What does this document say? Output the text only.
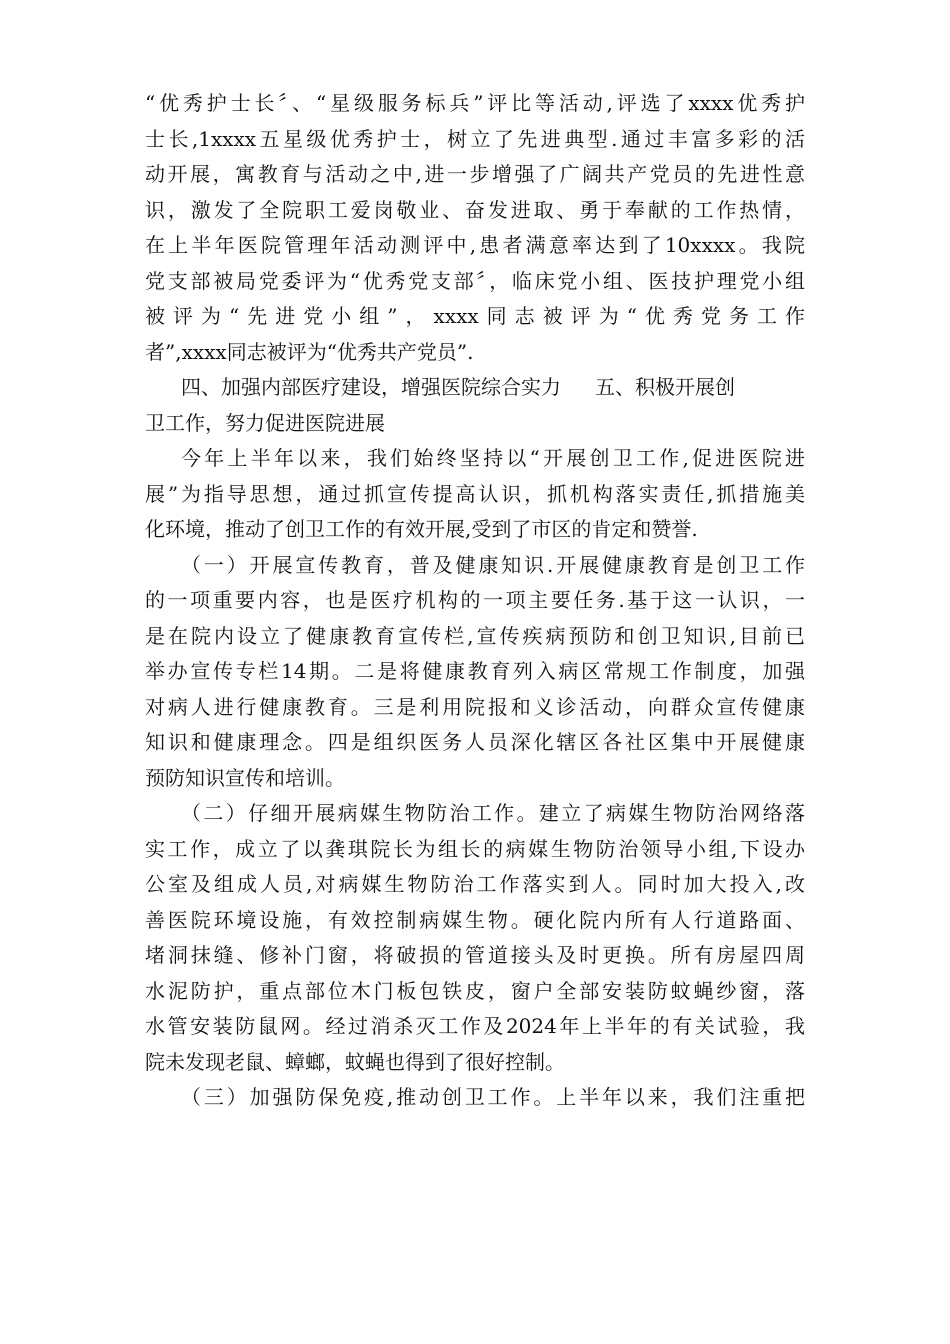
“优秀护士长〞、“星级服务标兵”评比等活动,评选了xxxx优秀护
士长,1xxxx五星级优秀护士，树立了先进典型.通过丰富多彩的活
动开展，寓教育与活动之中,进一步增强了广阔共产党员的先进性意
识，激发了全院职工爱岗敬业、奋发进取、勇于奉献的工作热情，
在上半年医院管理年活动测评中,患者满意率达到了10xxxx。我院
党支部被局党委评为“优秀党支部〞，临床党小组、医技护理党小组
被评为“先进党小组”，xxxx同志被评为“优秀党务工作
者”,xxxx同志被评为“优秀共产党员”.
四、加强内部医疗建设，增强医院综合实力 五、积极开展创
卫工作，努力促进医院进展
今年上半年以来，我们始终坚持以“开展创卫工作,促进医院进
展”为指导思想，通过抓宣传提高认识，抓机构落实责任,抓措施美
化环境，推动了创卫工作的有效开展,受到了市区的肯定和赞誉.
（一）开展宣传教育，普及健康知识.开展健康教育是创卫工作
的一项重要内容，也是医疗机构的一项主要任务.基于这一认识，一
是在院内设立了健康教育宣传栏,宣传疾病预防和创卫知识,目前已
举办宣传专栏14期。二是将健康教育列入病区常规工作制度，加强
对病人进行健康教育。三是利用院报和义诊活动，向群众宣传健康
知识和健康理念。四是组织医务人员深化辖区各社区集中开展健康
预防知识宣传和培训。
（二）仔细开展病媒生物防治工作。建立了病媒生物防治网络落
实工作，成立了以龚琪院长为组长的病媒生物防治领导小组,下设办
公室及组成人员,对病媒生物防治工作落实到人。同时加大投入,改
善医院环境设施，有效控制病媒生物。硬化院内所有人行道路面、
堵洞抹缝、修补门窗，将破损的管道接头及时更换。所有房屋四周
水泥防护，重点部位木门板包铁皮，窗户全部安装防蚊蝇纱窗，落
水管安装防鼠网。经过消杀灭工作及2024年上半年的有关试验，我
院未发现老鼠、蟑螂，蚊蝇也得到了很好控制。
（三）加强防保免疫,推动创卫工作。上半年以来，我们注重把
